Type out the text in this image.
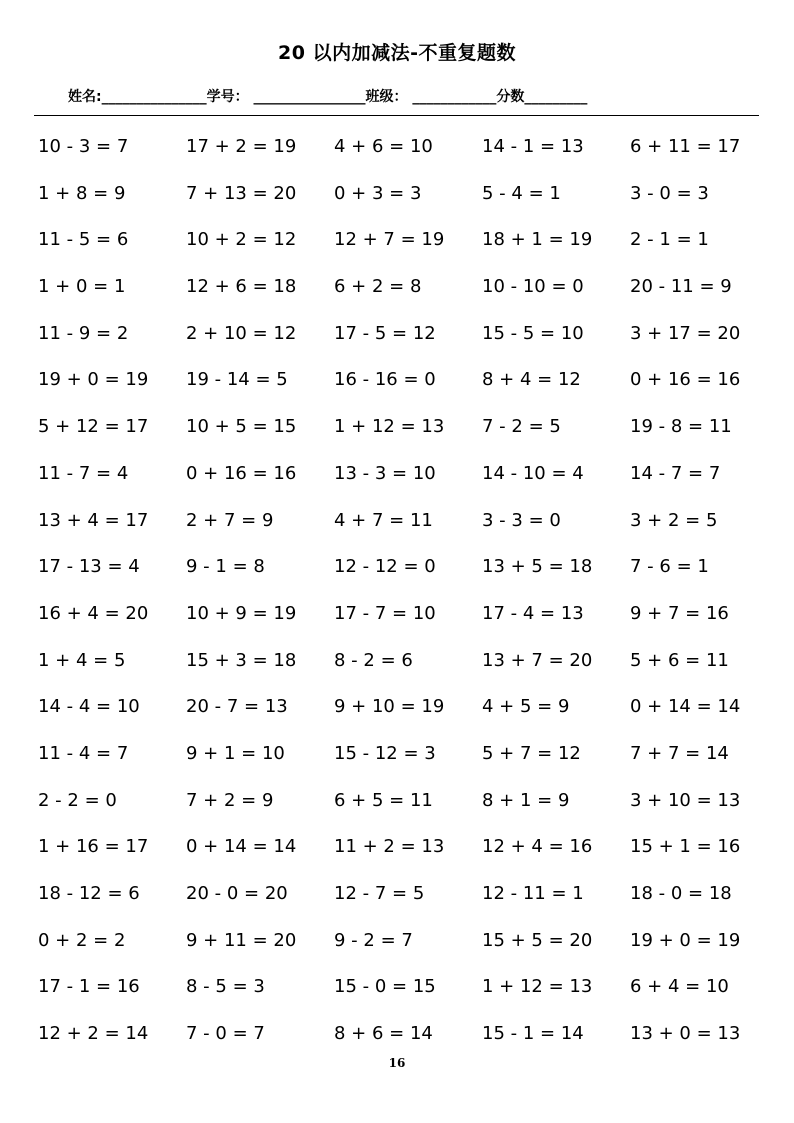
20 以内加减法-不重复题数
姓名:_______________学号： ________________班级： ____________分数_________
10 - 3 = 7	17 + 2 = 19	4 + 6 = 10	14 - 1 = 13	6 + 11 = 17
1 + 8 = 9	7 + 13 = 20	0 + 3 = 3	5 - 4 = 1	3 - 0 = 3
11 - 5 = 6	10 + 2 = 12	12 + 7 = 19	18 + 1 = 19	2 - 1 = 1
1 + 0 = 1	12 + 6 = 18	6 + 2 = 8	10 - 10 = 0	20 - 11 = 9
11 - 9 = 2	2 + 10 = 12	17 - 5 = 12	15 - 5 = 10	3 + 17 = 20
19 + 0 = 19	19 - 14 = 5	16 - 16 = 0	8 + 4 = 12	0 + 16 = 16
5 + 12 = 17	10 + 5 = 15	1 + 12 = 13	7 - 2 = 5	19 - 8 = 11
11 - 7 = 4	0 + 16 = 16	13 - 3 = 10	14 - 10 = 4	14 - 7 = 7
13 + 4 = 17	2 + 7 = 9	4 + 7 = 11	3 - 3 = 0	3 + 2 = 5
17 - 13 = 4	9 - 1 = 8	12 - 12 = 0	13 + 5 = 18	7 - 6 = 1
16 + 4 = 20	10 + 9 = 19	17 - 7 = 10	17 - 4 = 13	9 + 7 = 16
1 + 4 = 5	15 + 3 = 18	8 - 2 = 6	13 + 7 = 20	5 + 6 = 11
14 - 4 = 10	20 - 7 = 13	9 + 10 = 19	4 + 5 = 9	0 + 14 = 14
11 - 4 = 7	9 + 1 = 10	15 - 12 = 3	5 + 7 = 12	7 + 7 = 14
2 - 2 = 0	7 + 2 = 9	6 + 5 = 11	8 + 1 = 9	3 + 10 = 13
1 + 16 = 17	0 + 14 = 14	11 + 2 = 13	12 + 4 = 16	15 + 1 = 16
18 - 12 = 6	20 - 0 = 20	12 - 7 = 5	12 - 11 = 1	18 - 0 = 18
0 + 2 = 2	9 + 11 = 20	9 - 2 = 7	15 + 5 = 20	19 + 0 = 19
17 - 1 = 16	8 - 5 = 3	15 - 0 = 15	1 + 12 = 13	6 + 4 = 10
12 + 2 = 14	7 - 0 = 7	8 + 6 = 14	15 - 1 = 14	13 + 0 = 13
16
